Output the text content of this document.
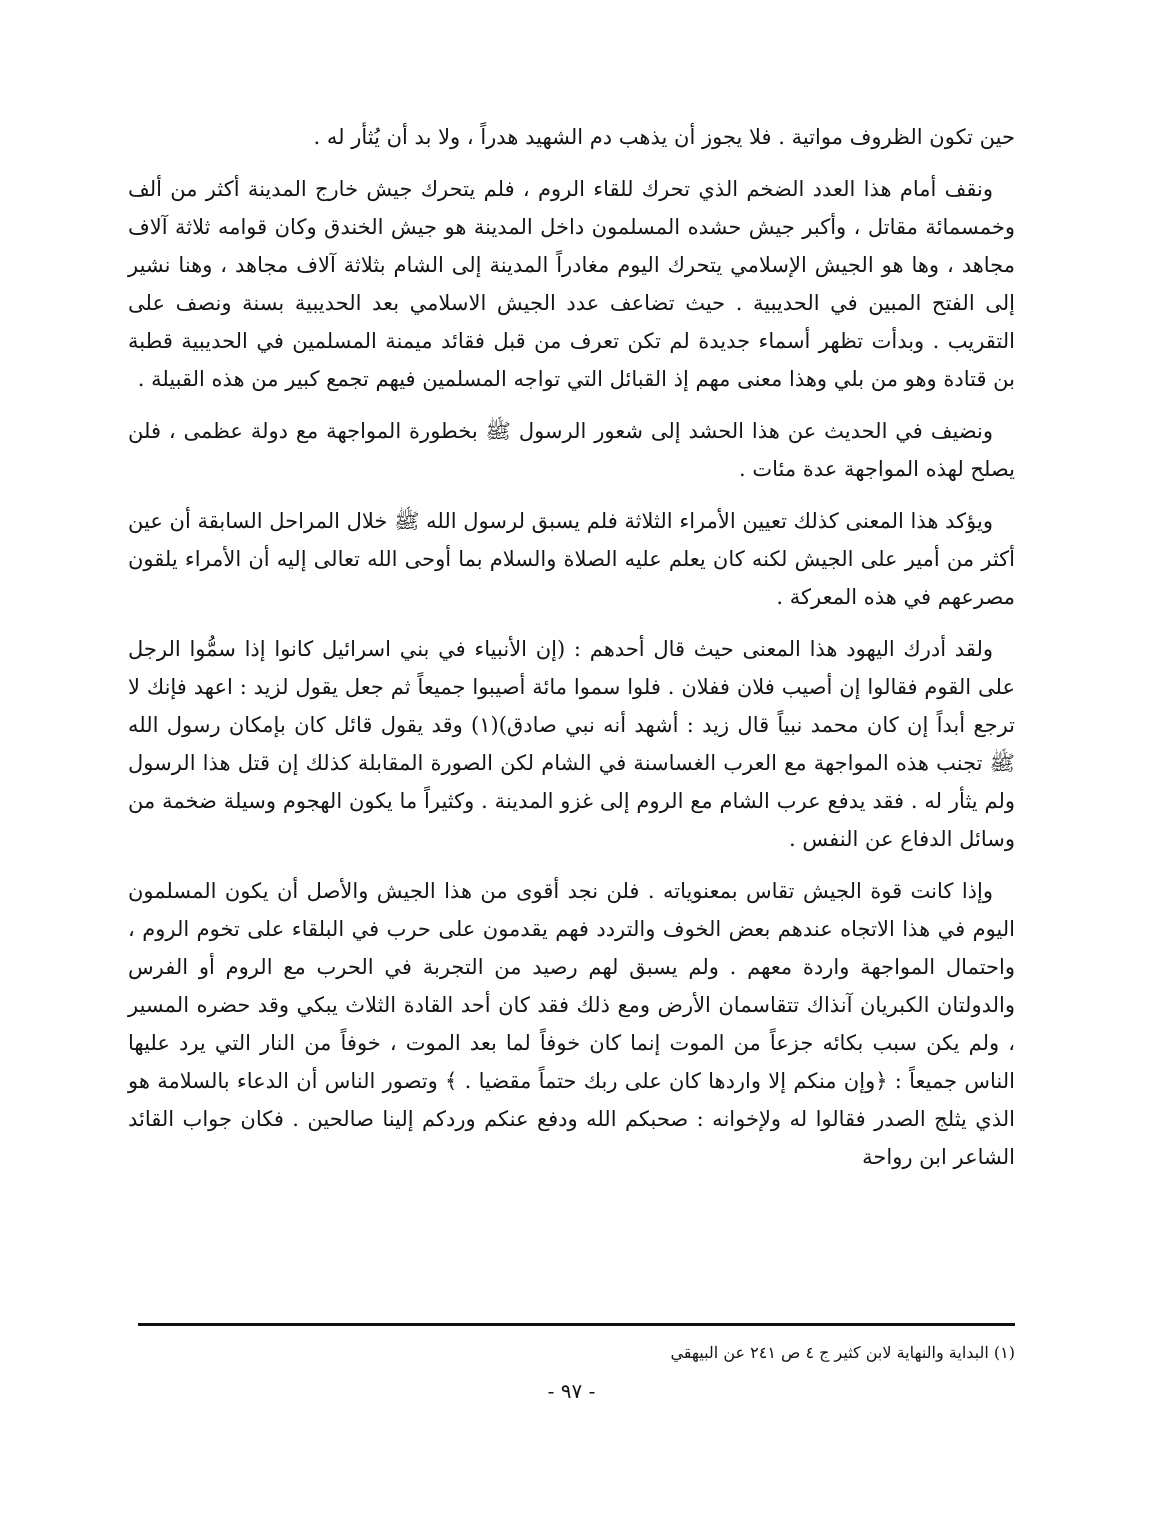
حين تكون الظروف مواتية . فلا يجوز أن يذهب دم الشهيد هدراً ، ولا بد أن يُثأر له .

ونقف أمام هذا العدد الضخم الذي تحرك للقاء الروم ، فلم يتحرك جيش خارج المدينة أكثر من ألف وخمسمائة مقاتل ، وأكبر جيش حشده المسلمون داخل المدينة هو جيش الخندق وكان قوامه ثلاثة آلاف مجاهد ، وها هو الجيش الإسلامي يتحرك اليوم مغادراً المدينة إلى الشام بثلاثة آلاف مجاهد ، وهنا نشير إلى الفتح المبين في الحديبية . حيث تضاعف عدد الجيش الاسلامي بعد الحديبية بسنة ونصف على التقريب . وبدأت تظهر أسماء جديدة لم تكن تعرف من قبل فقائد ميمنة المسلمين في الحديبية قطبة بن قتادة وهو من بلي وهذا معنى مهم إذ القبائل التي تواجه المسلمين فيهم تجمع كبير من هذه القبيلة .

ونضيف في الحديث عن هذا الحشد إلى شعور الرسول ﷺ بخطورة المواجهة مع دولة عظمى ، فلن يصلح لهذه المواجهة عدة مئات .

ويؤكد هذا المعنى كذلك تعيين الأمراء الثلاثة فلم يسبق لرسول الله ﷺ خلال المراحل السابقة أن عين أكثر من أمير على الجيش لكنه كان يعلم عليه الصلاة والسلام بما أوحى الله تعالى إليه أن الأمراء يلقون مصرعهم في هذه المعركة .

ولقد أدرك اليهود هذا المعنى حيث قال أحدهم : (إن الأنبياء في بني اسرائيل كانوا إذا سمُّوا الرجل على القوم فقالوا إن أصيب فلان ففلان . فلوا سموا مائة أصيبوا جميعاً ثم جعل يقول لزيد : اعهد فإنك لا ترجع أبداً إن كان محمد نبياً قال زيد : أشهد أنه نبي صادق)(١) وقد يقول قائل كان بإمكان رسول الله ﷺ تجنب هذه المواجهة مع العرب الغساسنة في الشام لكن الصورة المقابلة كذلك إن قتل هذا الرسول ولم يثأر له . فقد يدفع عرب الشام مع الروم إلى غزو المدينة . وكثيراً ما يكون الهجوم وسيلة ضخمة من وسائل الدفاع عن النفس .

وإذا كانت قوة الجيش تقاس بمعنوياته . فلن نجد أقوى من هذا الجيش والأصل أن يكون المسلمون اليوم في هذا الاتجاه عندهم بعض الخوف والتردد فهم يقدمون على حرب في البلقاء على تخوم الروم ، واحتمال المواجهة واردة معهم . ولم يسبق لهم رصيد من التجربة في الحرب مع الروم أو الفرس والدولتان الكبريان آنذاك تتقاسمان الأرض ومع ذلك فقد كان أحد القادة الثلاث يبكي وقد حضره المسير ، ولم يكن سبب بكائه جزعاً من الموت إنما كان خوفاً لما بعد الموت ، خوفاً من النار التي يرد عليها الناس جميعاً : ﴿وإن منكم إلا واردها كان على ربك حتماً مقضيا . ﴾ وتصور الناس أن الدعاء بالسلامة هو الذي يثلج الصدر فقالوا له ولإخوانه : صحبكم الله ودفع عنكم وردكم إلينا صالحين . فكان جواب القائد الشاعر ابن رواحة

(١) البداية والنهاية لابن كثير ج ٤ ص ٢٤١ عن البيهقي

- ٩٧ -
